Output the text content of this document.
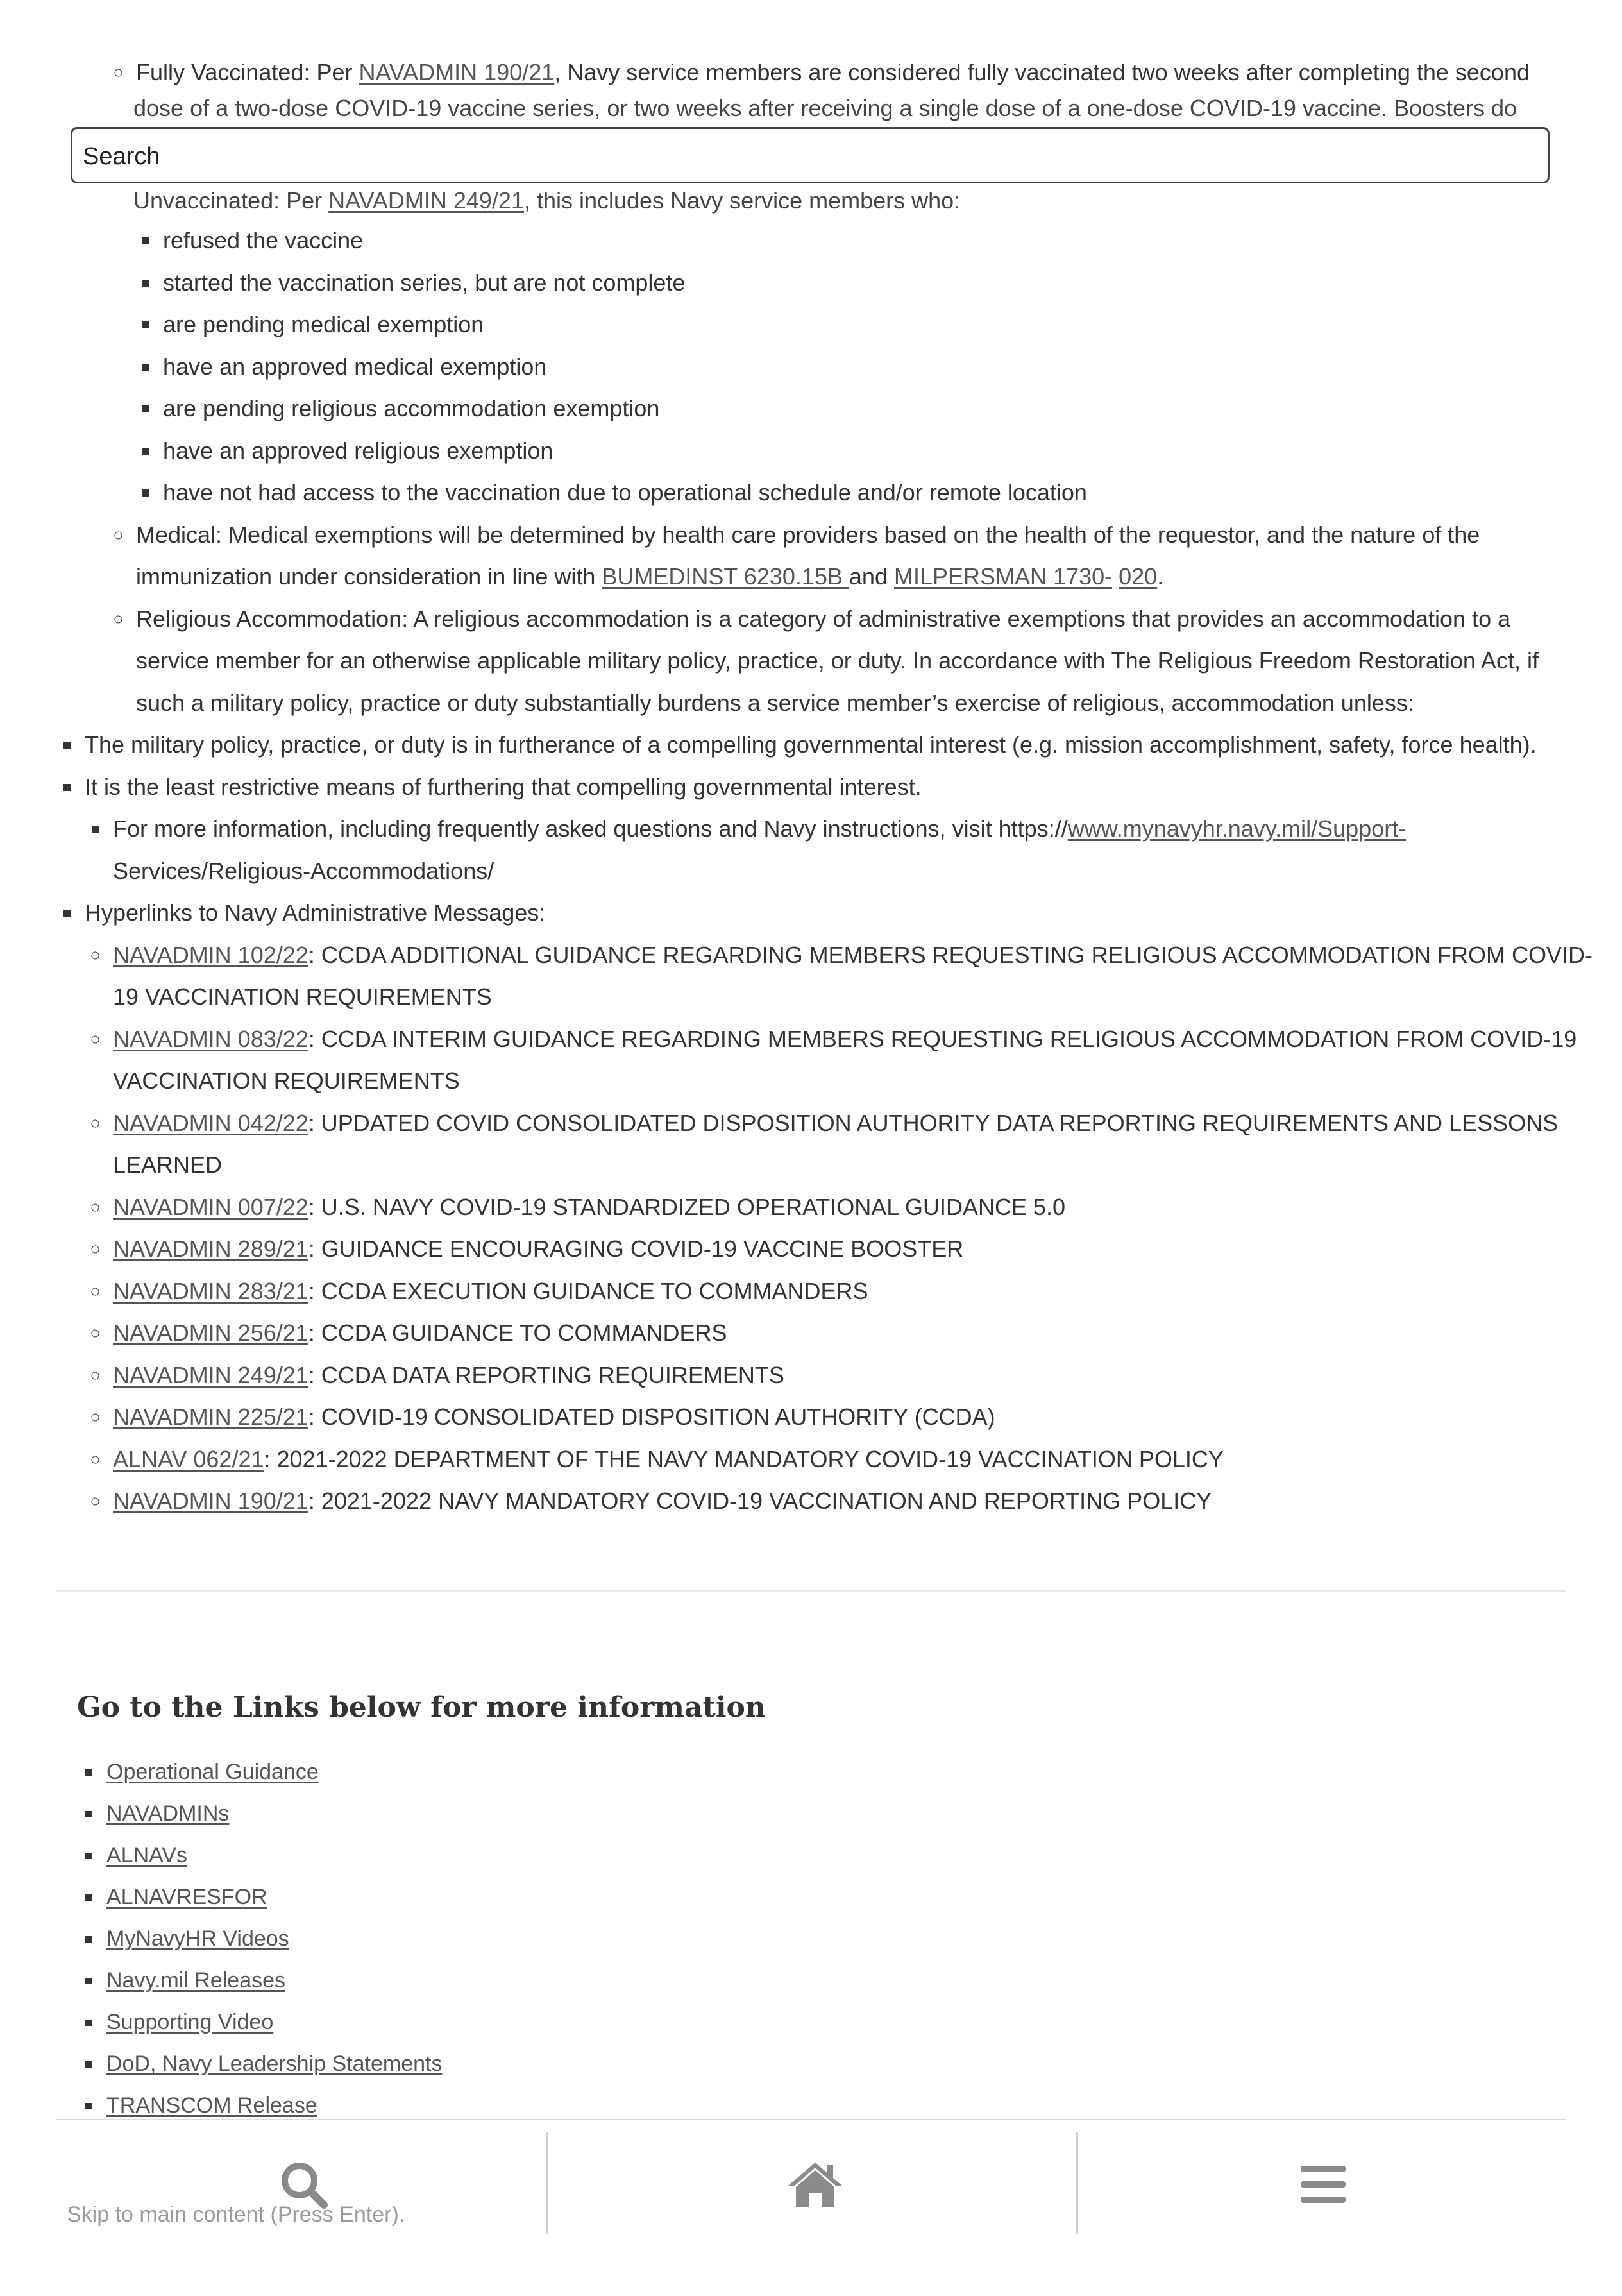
◦ Fully Vaccinated: Per NAVADMIN 190/21, Navy service members are considered fully vaccinated two weeks after completing the second
dose of a two-dose COVID-19 vaccine series, or two weeks after receiving a single dose of a one-dose COVID-19 vaccine. Boosters do
Unvaccinated: Per NAVADMIN 249/21, this includes Navy service members who:
▪ refused the vaccine
▪ started the vaccination series, but are not complete
▪ are pending medical exemption
▪ have an approved medical exemption
▪ are pending religious accommodation exemption
▪ have an approved religious exemption
▪ have not had access to the vaccination due to operational schedule and/or remote location
◦ Medical: Medical exemptions will be determined by health care providers based on the health of the requestor, and the nature of the immunization under consideration in line with BUMEDINST 6230.15B and MILPERSMAN 1730- 020.
◦ Religious Accommodation: A religious accommodation is a category of administrative exemptions that provides an accommodation to a service member for an otherwise applicable military policy, practice, or duty. In accordance with The Religious Freedom Restoration Act, if such a military policy, practice or duty substantially burdens a service member’s exercise of religious, accommodation unless:
▪ The military policy, practice, or duty is in furtherance of a compelling governmental interest (e.g. mission accomplishment, safety, force health).
▪ It is the least restrictive means of furthering that compelling governmental interest.
▪ For more information, including frequently asked questions and Navy instructions, visit https://www.mynavyhr.navy.mil/Support- Services/Religious-Accommodations/
▪ Hyperlinks to Navy Administrative Messages:
◦ NAVADMIN 102/22: CCDA ADDITIONAL GUIDANCE REGARDING MEMBERS REQUESTING RELIGIOUS ACCOMMODATION FROM COVID-19 VACCINATION REQUIREMENTS
◦ NAVADMIN 083/22: CCDA INTERIM GUIDANCE REGARDING MEMBERS REQUESTING RELIGIOUS ACCOMMODATION FROM COVID-19 VACCINATION REQUIREMENTS
◦ NAVADMIN 042/22: UPDATED COVID CONSOLIDATED DISPOSITION AUTHORITY DATA REPORTING REQUIREMENTS AND LESSONS LEARNED
◦ NAVADMIN 007/22: U.S. NAVY COVID-19 STANDARDIZED OPERATIONAL GUIDANCE 5.0
◦ NAVADMIN 289/21: GUIDANCE ENCOURAGING COVID-19 VACCINE BOOSTER
◦ NAVADMIN 283/21: CCDA EXECUTION GUIDANCE TO COMMANDERS
◦ NAVADMIN 256/21: CCDA GUIDANCE TO COMMANDERS
◦ NAVADMIN 249/21: CCDA DATA REPORTING REQUIREMENTS
◦ NAVADMIN 225/21: COVID-19 CONSOLIDATED DISPOSITION AUTHORITY (CCDA)
◦ ALNAV 062/21: 2021-2022 DEPARTMENT OF THE NAVY MANDATORY COVID-19 VACCINATION POLICY
◦ NAVADMIN 190/21: 2021-2022 NAVY MANDATORY COVID-19 VACCINATION AND REPORTING POLICY
Search
Go to the Links below for more information
▪ Operational Guidance
▪ NAVADMINs
▪ ALNAVs
▪ ALNAVRESFOR
▪ MyNavyHR Videos
▪ Navy.mil Releases
▪ Supporting Video
▪ DoD, Navy Leadership Statements
▪ TRANSCOM Release
Skip to main content (Press Enter).
